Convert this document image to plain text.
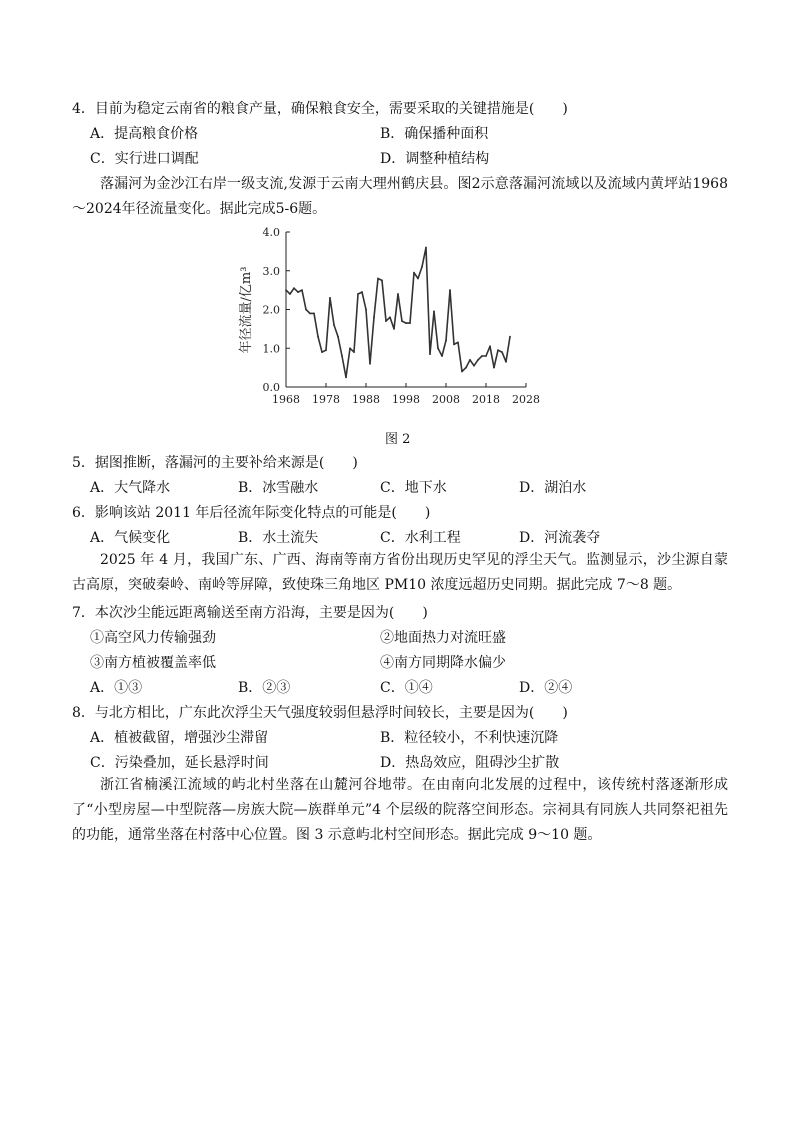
4．目前为稳定云南省的粮食产量，确保粮食安全，需要采取的关键措施是(　　)
A．提高粮食价格	B．确保播种面积
C．实行进口调配	D．调整种植结构
落漏河为金沙江右岸一级支流,发源于云南大理州鹤庆县。图2示意落漏河流域以及流域内黄坪站1968～2024年径流量变化。据此完成5-6题。
0.0
1.0
2.0
3.0
4.0
1968 1978 1988 1998 2008 2018 2028
年径流量/亿m³
图 2
5．据图推断，落漏河的主要补给来源是(　　)
A．大气降水	B．冰雪融水	C．地下水	D．湖泊水
6．影响该站 2011 年后径流年际变化特点的可能是(　　)
A．气候变化	B．水土流失	C．水利工程	D．河流袭夺
2025 年 4 月，我国广东、广西、海南等南方省份出现历史罕见的浮尘天气。监测显示，沙尘源自蒙古高原，突破秦岭、南岭等屏障，致使珠三角地区 PM10 浓度远超历史同期。据此完成 7～8 题。
7．本次沙尘能远距离输送至南方沿海，主要是因为(　　)
①高空风力传输强劲	②地面热力对流旺盛
③南方植被覆盖率低	④南方同期降水偏少
A．①③	B．②③	C．①④	D．②④
8．与北方相比，广东此次浮尘天气强度较弱但悬浮时间较长，主要是因为(　　)
A．植被截留，增强沙尘滞留	B．粒径较小，不利快速沉降
C．污染叠加，延长悬浮时间	D．热岛效应，阻碍沙尘扩散
浙江省楠溪江流域的屿北村坐落在山麓河谷地带。在由南向北发展的过程中，该传统村落逐渐形成了“小型房屋—中型院落—房族大院—族群单元”4 个层级的院落空间形态。宗祠具有同族人共同祭祀祖先的功能，通常坐落在村落中心位置。图 3 示意屿北村空间形态。据此完成 9～10 题。
